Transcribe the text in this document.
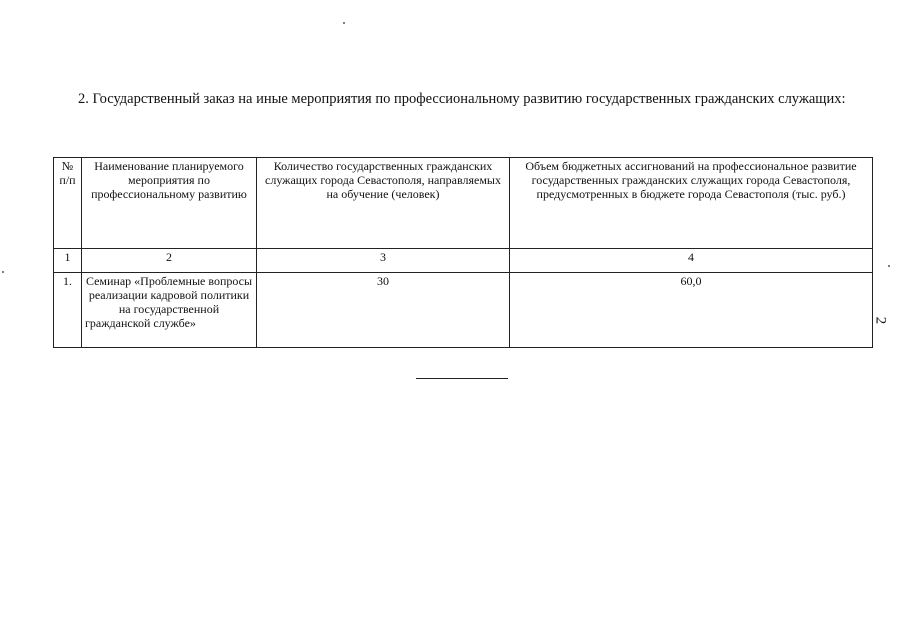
2. Государственный заказ на иные мероприятия по профессиональному развитию государственных гражданских служащих:

№ п/п	Наименование планируемого мероприятия по профессиональному развитию	Количество государственных гражданских служащих города Севастополя, направляемых на обучение (человек)	Объем бюджетных ассигнований на профессиональное развитие государственных гражданских служащих города Севастополя, предусмотренных в бюджете города Севастополя (тыс. руб.)
1	2	3	4
1.	Семинар «Проблемные вопросы реализации кадровой политики на государственной гражданской службе»	30	60,0
2
